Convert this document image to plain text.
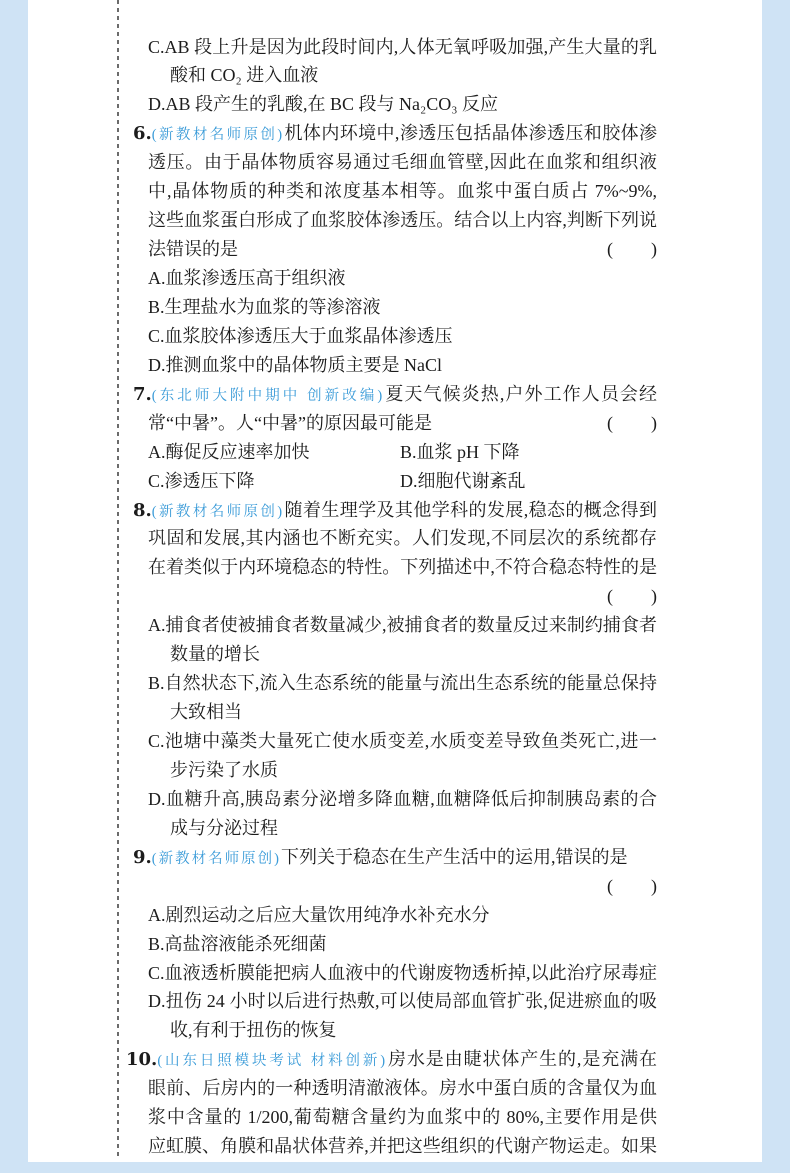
C.AB 段上升是因为此段时间内,人体无氧呼吸加强,产生大量的乳
酸和 CO₂ 进入血液
D.AB 段产生的乳酸,在 BC 段与 Na₂CO₃ 反应
6.(新教材名师原创)机体内环境中,渗透压包括晶体渗透压和胶体渗
透压。由于晶体物质容易通过毛细血管壁,因此在血浆和组织液
中,晶体物质的种类和浓度基本相等。血浆中蛋白质占 7%~9%,
这些血浆蛋白形成了血浆胶体渗透压。结合以上内容,判断下列说
法错误的是	( )
A.血浆渗透压高于组织液
B.生理盐水为血浆的等渗溶液
C.血浆胶体渗透压大于血浆晶体渗透压
D.推测血浆中的晶体物质主要是 NaCl
7.(东北师大附中期中 创新改编)夏天气候炎热,户外工作人员会经
常“中暑”。人“中暑”的原因最可能是	( )
A.酶促反应速率加快	B.血浆 pH 下降
C.渗透压下降	D.细胞代谢紊乱
8.(新教材名师原创)随着生理学及其他学科的发展,稳态的概念得到
巩固和发展,其内涵也不断充实。人们发现,不同层次的系统都存
在着类似于内环境稳态的特性。下列描述中,不符合稳态特性的是
( )
A.捕食者使被捕食者数量减少,被捕食者的数量反过来制约捕食者
数量的增长
B.自然状态下,流入生态系统的能量与流出生态系统的能量总保持
大致相当
C.池塘中藻类大量死亡使水质变差,水质变差导致鱼类死亡,进一
步污染了水质
D.血糖升高,胰岛素分泌增多降血糖,血糖降低后抑制胰岛素的合
成与分泌过程
9.(新教材名师原创)下列关于稳态在生产生活中的运用,错误的是
( )
A.剧烈运动之后应大量饮用纯净水补充水分
B.高盐溶液能杀死细菌
C.血液透析膜能把病人血液中的代谢废物透析掉,以此治疗尿毒症
D.扭伤 24 小时以后进行热敷,可以使局部血管扩张,促进瘀血的吸
收,有利于扭伤的恢复
10.(山东日照模块考试 材料创新)房水是由睫状体产生的,是充满在
眼前、后房内的一种透明清澈液体。房水中蛋白质的含量仅为血
浆中含量的 1/200,葡萄糖含量约为血浆中的 80%,主要作用是供
应虹膜、角膜和晶状体营养,并把这些组织的代谢产物运走。如果
